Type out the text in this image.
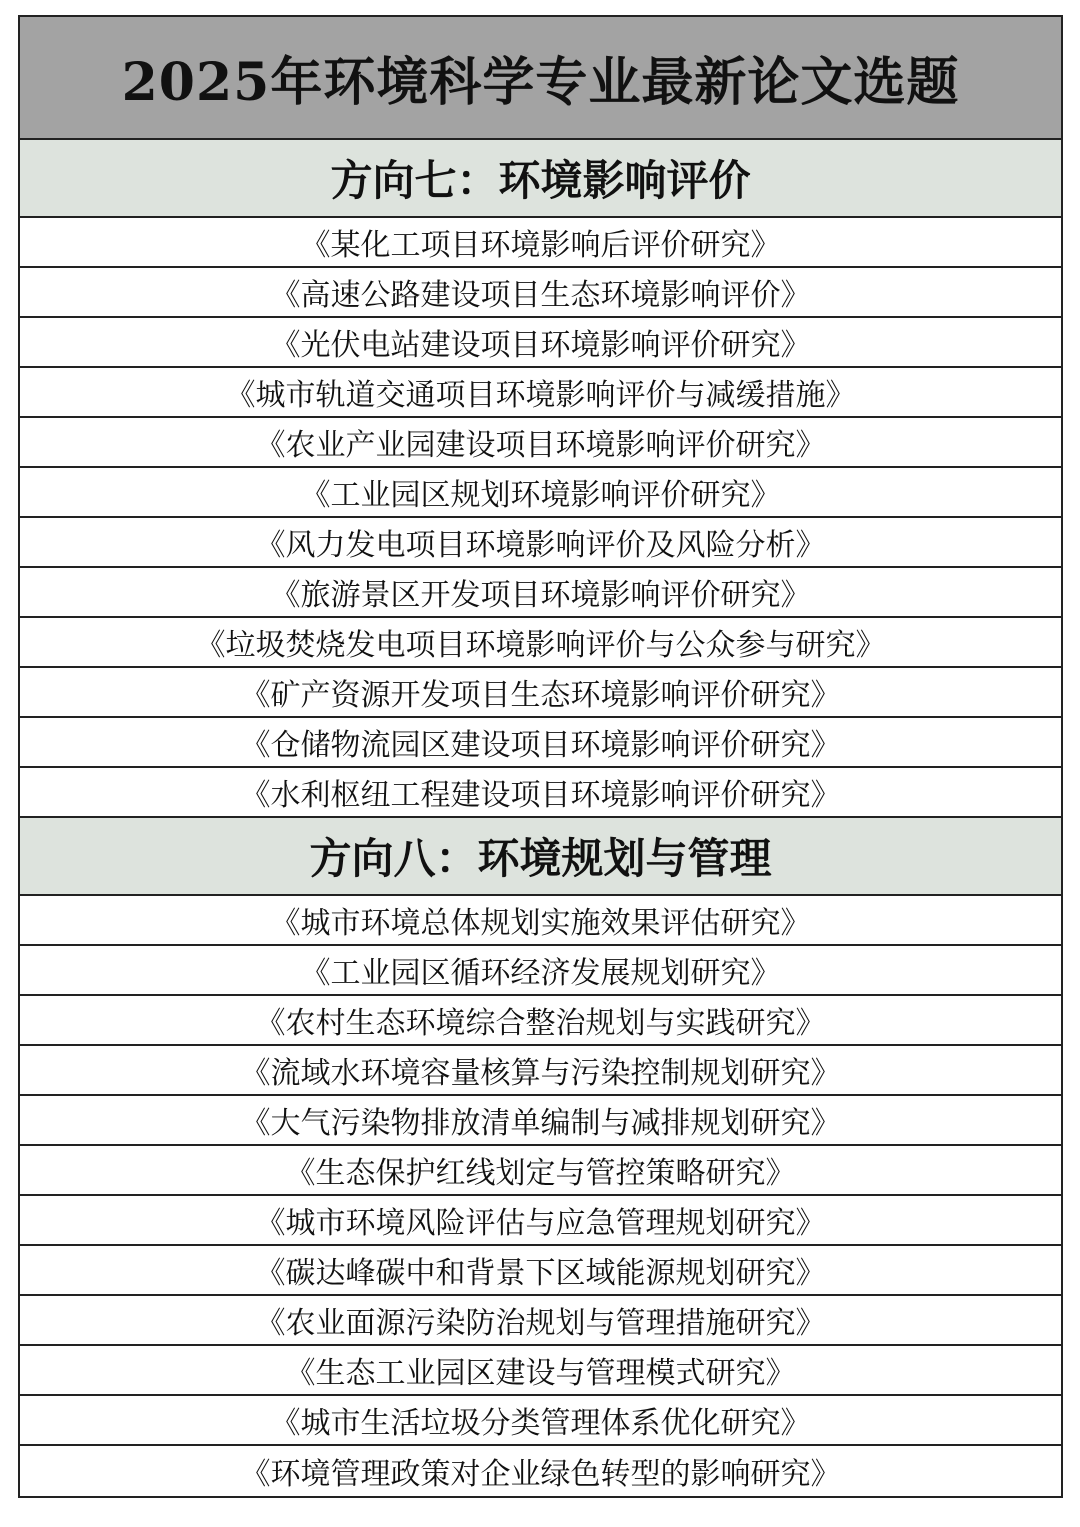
2025年环境科学专业最新论文选题
方向七：环境影响评价
《某化工项目环境影响后评价研究》
《高速公路建设项目生态环境影响评价》
《光伏电站建设项目环境影响评价研究》
《城市轨道交通项目环境影响评价与减缓措施》
《农业产业园建设项目环境影响评价研究》
《工业园区规划环境影响评价研究》
《风力发电项目环境影响评价及风险分析》
《旅游景区开发项目环境影响评价研究》
《垃圾焚烧发电项目环境影响评价与公众参与研究》
《矿产资源开发项目生态环境影响评价研究》
《仓储物流园区建设项目环境影响评价研究》
《水利枢纽工程建设项目环境影响评价研究》
方向八：环境规划与管理
《城市环境总体规划实施效果评估研究》
《工业园区循环经济发展规划研究》
《农村生态环境综合整治规划与实践研究》
《流域水环境容量核算与污染控制规划研究》
《大气污染物排放清单编制与减排规划研究》
《生态保护红线划定与管控策略研究》
《城市环境风险评估与应急管理规划研究》
《碳达峰碳中和背景下区域能源规划研究》
《农业面源污染防治规划与管理措施研究》
《生态工业园区建设与管理模式研究》
《城市生活垃圾分类管理体系优化研究》
《环境管理政策对企业绿色转型的影响研究》
